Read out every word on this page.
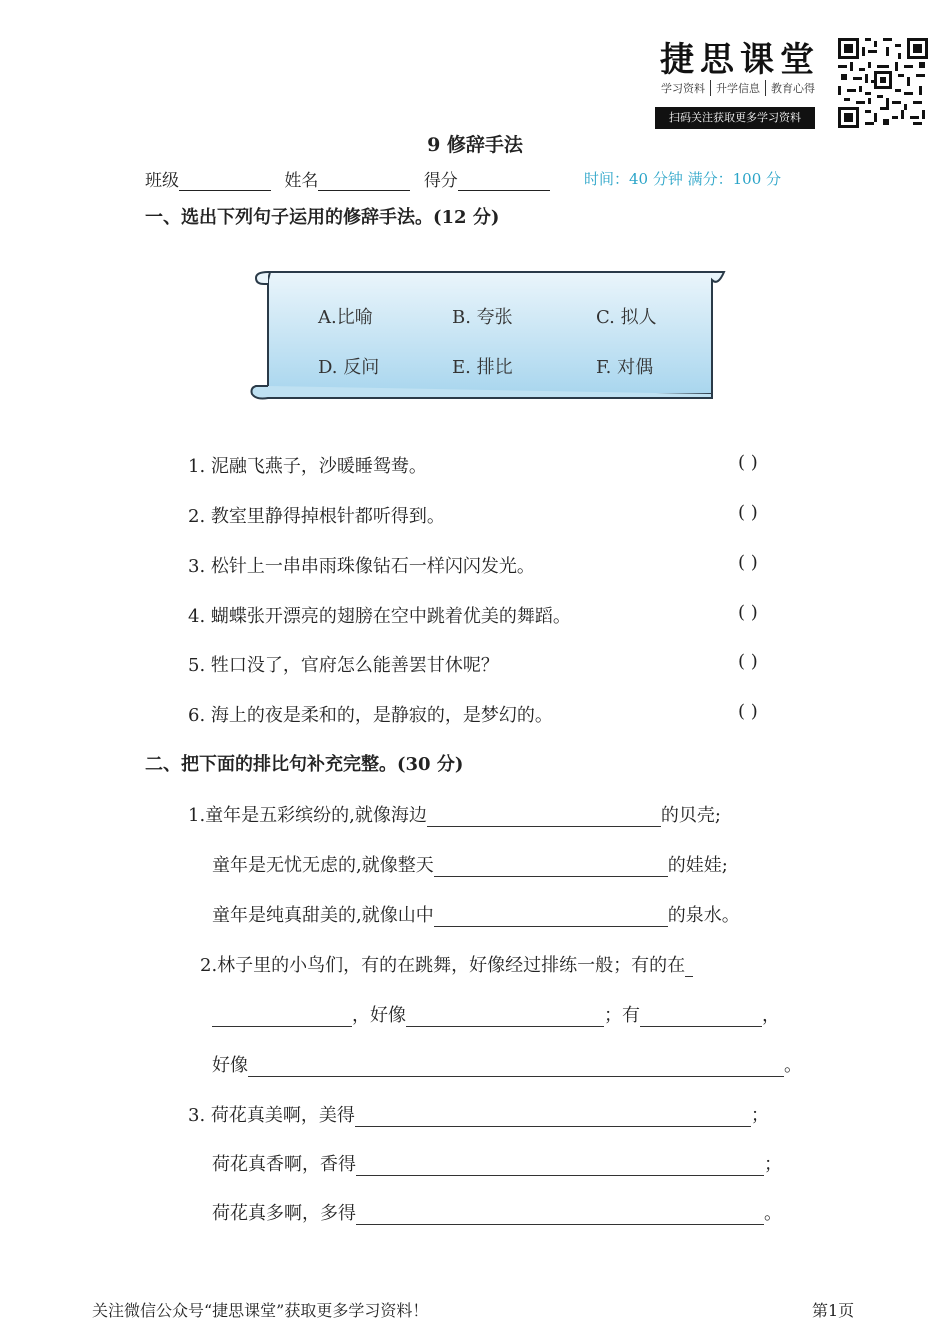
捷思课堂
学习资料 升学信息 教育心得
扫码关注获取更多学习资料
9 修辞手法
班级	姓名	得分	时间：40 分钟 满分：100 分
一、选出下列句子运用的修辞手法。(12 分)
A.比喻	B. 夸张	C. 拟人
D. 反问	E. 排比	F. 对偶
1. 泥融飞燕子，沙暖睡鸳鸯。	( )
2. 教室里静得掉根针都听得到。	( )
3. 松针上一串串雨珠像钻石一样闪闪发光。	( )
4. 蝴蝶张开漂亮的翅膀在空中跳着优美的舞蹈。	( )
5. 牲口没了，官府怎么能善罢甘休呢？	( )
6. 海上的夜是柔和的，是静寂的，是梦幻的。	( )
二、把下面的排比句补充完整。(30 分)
1.童年是五彩缤纷的,就像海边	的贝壳;
童年是无忧无虑的,就像整天	的娃娃;
童年是纯真甜美的,就像山中	的泉水。
2.林子里的小鸟们，有的在跳舞，好像经过排练一般；有的在
，好像	；有	，
好像	。
3. 荷花真美啊，美得	；
荷花真香啊，香得	；
荷花真多啊，多得	。
关注微信公众号“捷思课堂”获取更多学习资料！	第1页
